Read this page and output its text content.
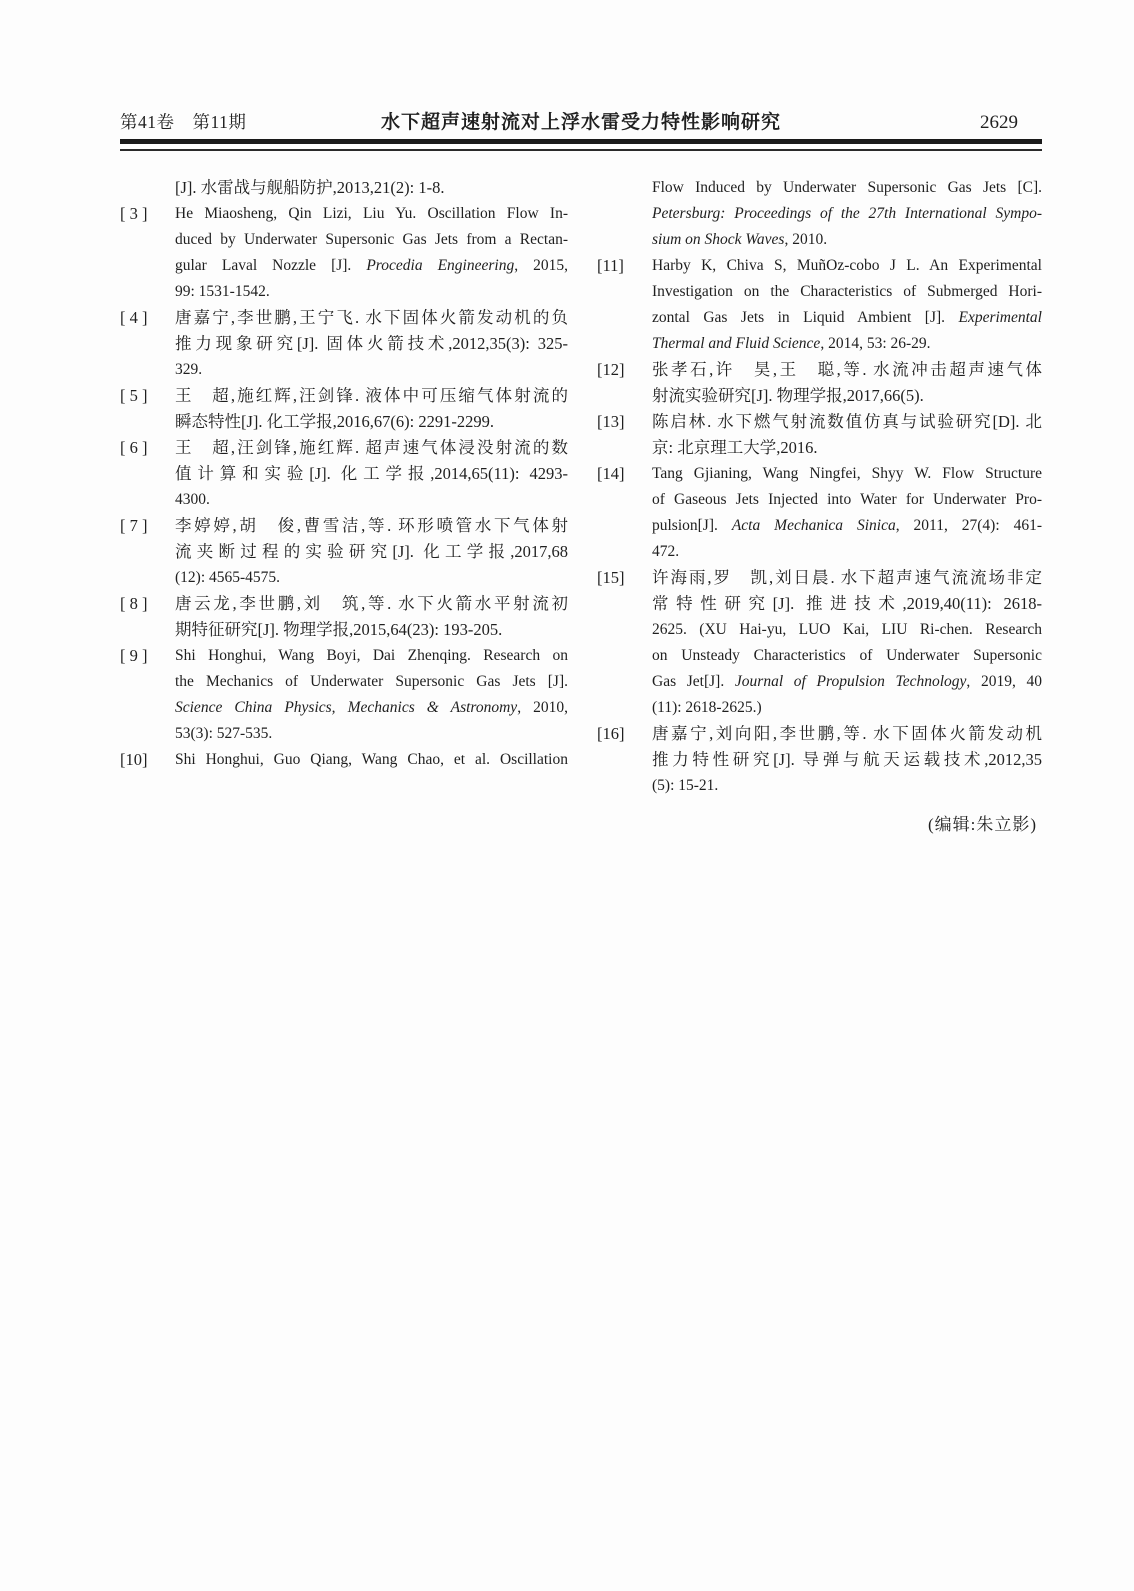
第41卷　第11期	水下超声速射流对上浮水雷受力特性影响研究	2629
[J]. 水雷战与舰船防护,2013,21(2): 1-8.
[ 3 ]	He Miaosheng, Qin Lizi, Liu Yu. Oscillation Flow In-
duced by Underwater Supersonic Gas Jets from a Rectan-
gular Laval Nozzle [J]. Procedia Engineering, 2015,
99: 1531-1542.
[ 4 ]	唐嘉宁,李世鹏,王宁飞. 水下固体火箭发动机的负
推力现象研究[J]. 固体火箭技术,2012,35(3): 325-
329.
[ 5 ]	王　超,施红辉,汪剑锋. 液体中可压缩气体射流的
瞬态特性[J]. 化工学报,2016,67(6): 2291-2299.
[ 6 ]	王　超,汪剑锋,施红辉. 超声速气体浸没射流的数
值计算和实验[J]. 化工学报,2014,65(11): 4293-
4300.
[ 7 ]	李婷婷,胡　俊,曹雪洁,等. 环形喷管水下气体射
流夹断过程的实验研究[J]. 化工学报,2017,68
(12): 4565-4575.
[ 8 ]	唐云龙,李世鹏,刘　筑,等. 水下火箭水平射流初
期特征研究[J]. 物理学报,2015,64(23): 193-205.
[ 9 ]	Shi Honghui, Wang Boyi, Dai Zhenqing. Research on
the Mechanics of Underwater Supersonic Gas Jets [J].
Science China Physics, Mechanics & Astronomy, 2010,
53(3): 527-535.
[10]	Shi Honghui, Guo Qiang, Wang Chao, et al. Oscillation
Flow Induced by Underwater Supersonic Gas Jets [C].
Petersburg: Proceedings of the 27th International Sympo-
sium on Shock Waves, 2010.
[11]	Harby K, Chiva S, MuñOz-cobo J L. An Experimental
Investigation on the Characteristics of Submerged Hori-
zontal Gas Jets in Liquid Ambient [J]. Experimental
Thermal and Fluid Science, 2014, 53: 26-29.
[12]	张孝石,许　昊,王　聪,等. 水流冲击超声速气体
射流实验研究[J]. 物理学报,2017,66(5).
[13]	陈启林. 水下燃气射流数值仿真与试验研究[D]. 北
京: 北京理工大学,2016.
[14]	Tang Gjianing, Wang Ningfei, Shyy W. Flow Structure
of Gaseous Jets Injected into Water for Underwater Pro-
pulsion[J]. Acta Mechanica Sinica, 2011, 27(4): 461-
472.
[15]	许海雨,罗　凯,刘日晨. 水下超声速气流流场非定
常特性研究[J]. 推进技术,2019,40(11): 2618-
2625. (XU Hai-yu, LUO Kai, LIU Ri-chen. Research
on Unsteady Characteristics of Underwater Supersonic
Gas Jet[J]. Journal of Propulsion Technology, 2019, 40
(11): 2618-2625.)
[16]	唐嘉宁,刘向阳,李世鹏,等. 水下固体火箭发动机
推力特性研究[J]. 导弹与航天运载技术,2012,35
(5): 15-21.
(编辑:朱立影)
